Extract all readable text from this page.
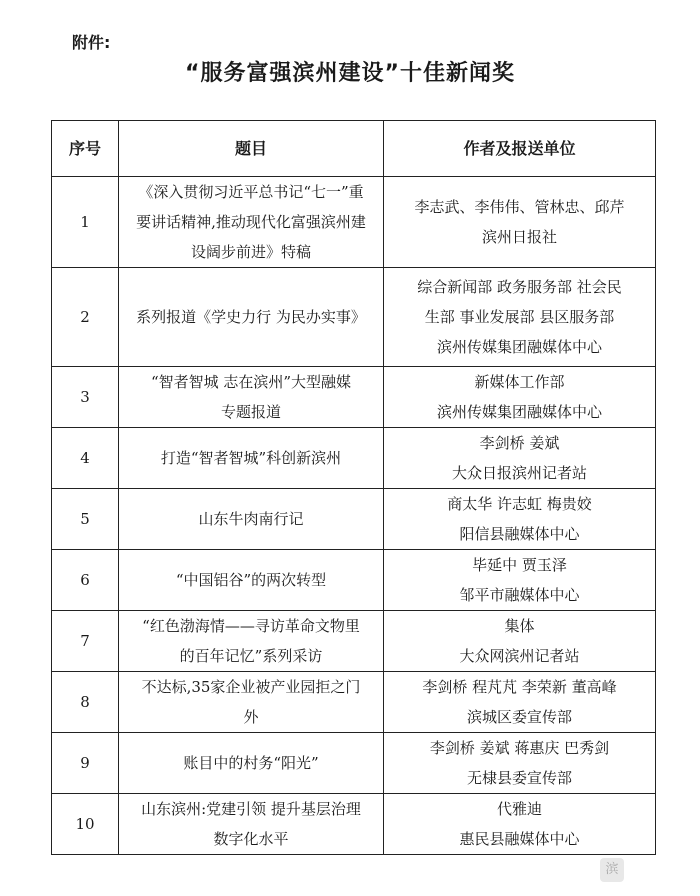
附件:
“服务富强滨州建设”十佳新闻奖
序号	题目	作者及报送单位
1	《深入贯彻习近平总书记“七一”重
要讲话精神,推动现代化富强滨州建
设阔步前进》特稿	李志武、李伟伟、管林忠、邱芹
滨州日报社

2	系列报道《学史力行 为民办实事》	综合新闻部 政务服务部 社会民
生部 事业发展部 县区服务部
滨州传媒集团融媒体中心

3	“智者智城 志在滨州”大型融媒
专题报道	新媒体工作部
滨州传媒集团融媒体中心

4	打造“智者智城”科创新滨州	李剑桥 姜斌
大众日报滨州记者站

5	山东牛肉南行记	商太华 许志虹 梅贵姣
阳信县融媒体中心

6	“中国铝谷”的两次转型	毕延中 贾玉泽
邹平市融媒体中心

7	“红色渤海情——寻访革命文物里
的百年记忆”系列采访	集体
大众网滨州记者站

8	不达标,35家企业被产业园拒之门
外	李剑桥 程芃芃 李荣新 董高峰
滨城区委宣传部

9	账目中的村务“阳光”	李剑桥 姜斌 蒋惠庆 巴秀剑
无棣县委宣传部

10	山东滨州:党建引领 提升基层治理
数字化水平	代雅迪
惠民县融媒体中心
滨
